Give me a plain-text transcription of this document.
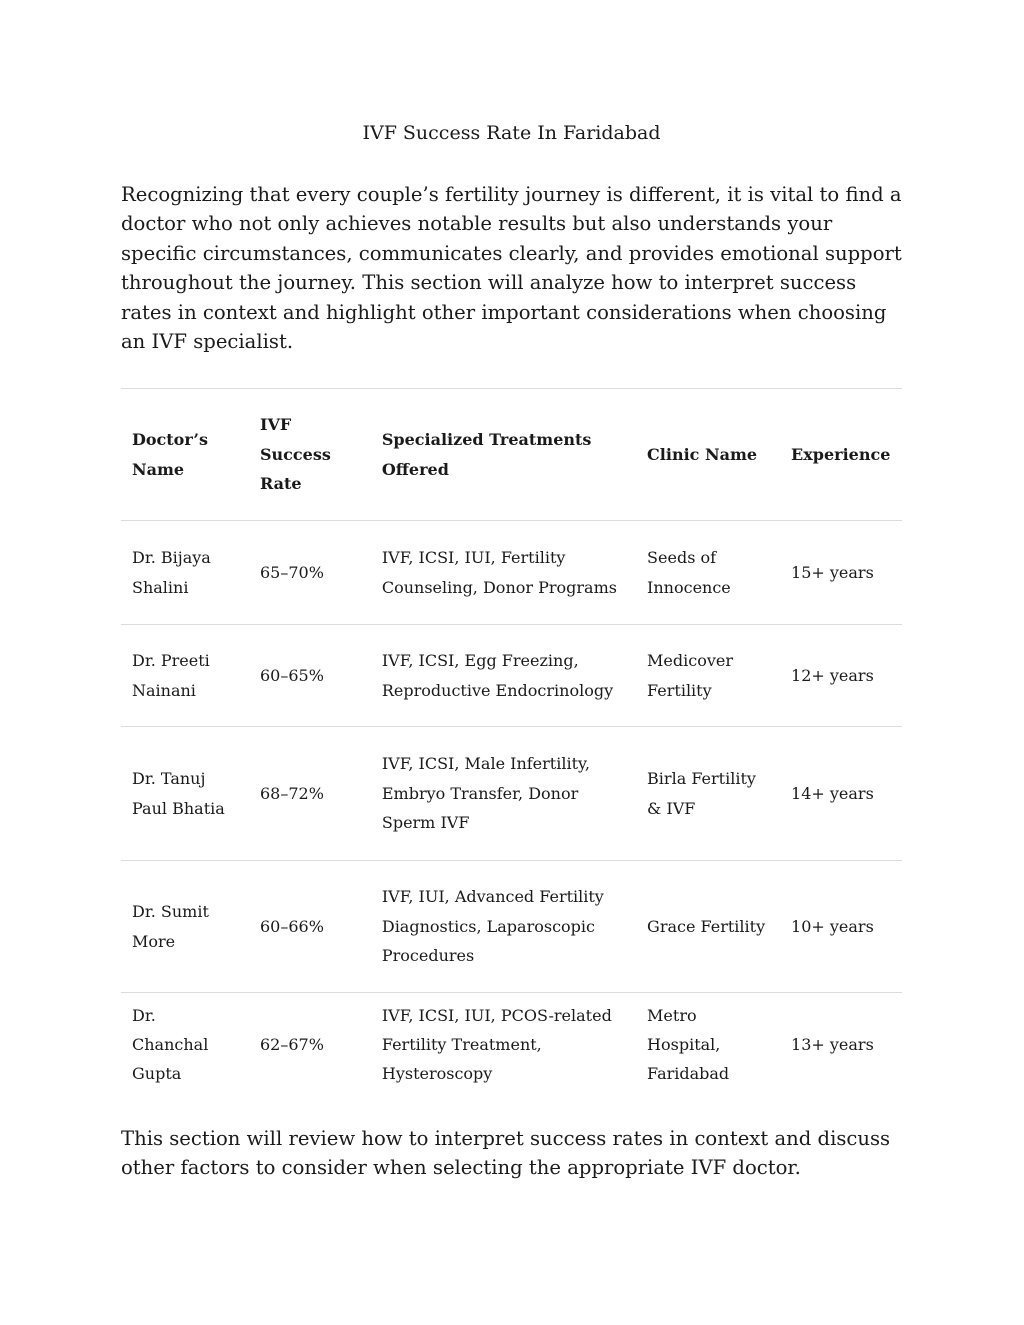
IVF Success Rate In Faridabad

Recognizing that every couple’s fertility journey is different, it is vital to find a doctor who not only achieves notable results but also understands your specific circumstances, communicates clearly, and provides emotional support throughout the journey. This section will analyze how to interpret success rates in context and highlight other important considerations when choosing an IVF specialist.

Doctor’s Name	IVF Success Rate	Specialized Treatments Offered	Clinic Name	Experience
Dr. Bijaya Shalini	65–70%	IVF, ICSI, IUI, Fertility Counseling, Donor Programs	Seeds of Innocence	15+ years
Dr. Preeti Nainani	60–65%	IVF, ICSI, Egg Freezing, Reproductive Endocrinology	Medicover Fertility	12+ years
Dr. Tanuj Paul Bhatia	68–72%	IVF, ICSI, Male Infertility, Embryo Transfer, Donor Sperm IVF	Birla Fertility & IVF	14+ years
Dr. Sumit More	60–66%	IVF, IUI, Advanced Fertility Diagnostics, Laparoscopic Procedures	Grace Fertility	10+ years
Dr. Chanchal Gupta	62–67%	IVF, ICSI, IUI, PCOS-related Fertility Treatment, Hysteroscopy	Metro Hospital, Faridabad	13+ years

This section will review how to interpret success rates in context and discuss other factors to consider when selecting the appropriate IVF doctor.
